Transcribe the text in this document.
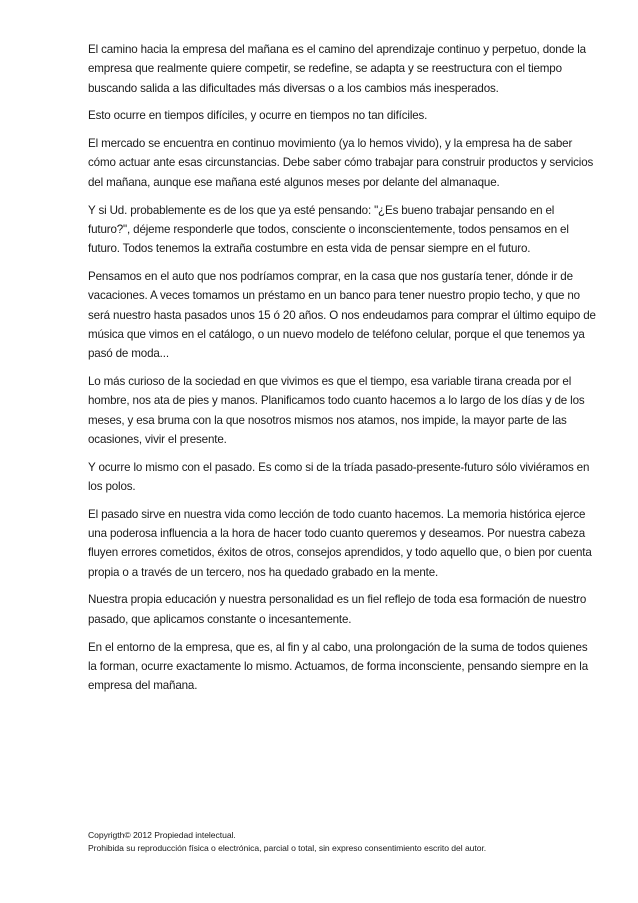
El camino hacia la empresa del mañana es el camino del aprendizaje continuo y perpetuo, donde la empresa que realmente quiere competir, se redefine, se adapta y se reestructura con el tiempo buscando salida a las dificultades más diversas o a los cambios más inesperados.

Esto ocurre en tiempos difíciles, y ocurre en tiempos no tan difíciles.

El mercado se encuentra en continuo movimiento (ya lo hemos vivido), y la empresa ha de saber cómo actuar ante esas circunstancias. Debe saber cómo trabajar para construir productos y servicios del mañana, aunque ese mañana esté algunos meses por delante del almanaque.

Y si Ud. probablemente es de los que ya esté pensando: "¿Es bueno trabajar pensando en el futuro?", déjeme responderle que todos, consciente o inconscientemente, todos pensamos en el futuro. Todos tenemos la extraña costumbre en esta vida de pensar siempre en el futuro.

Pensamos en el auto que nos podríamos comprar, en la casa que nos gustaría tener, dónde ir de vacaciones. A veces tomamos un préstamo en un banco para tener nuestro propio techo, y que no será nuestro hasta pasados unos 15 ó 20 años. O nos endeudamos para comprar el último equipo de música que vimos en el catálogo, o un nuevo modelo de teléfono celular, porque el que tenemos ya pasó de moda...

Lo más curioso de la sociedad en que vivimos es que el tiempo, esa variable tirana creada por el hombre, nos ata de pies y manos. Planificamos todo cuanto hacemos a lo largo de los días y de los meses, y esa bruma con la que nosotros mismos nos atamos, nos impide, la mayor parte de las ocasiones, vivir el presente.

Y ocurre lo mismo con el pasado. Es como si de la tríada pasado-presente-futuro sólo viviéramos en los polos.

El pasado sirve en nuestra vida como lección de todo cuanto hacemos. La memoria histórica ejerce una poderosa influencia a la hora de hacer todo cuanto queremos y deseamos. Por nuestra cabeza fluyen errores cometidos, éxitos de otros, consejos aprendidos, y todo aquello que, o bien por cuenta propia o a través de un tercero, nos ha quedado grabado en la mente.

Nuestra propia educación y nuestra personalidad es un fiel reflejo de toda esa formación de nuestro pasado, que aplicamos constante o incesantemente.

En el entorno de la empresa, que es, al fin y al cabo, una prolongación de la suma de todos quienes la forman, ocurre exactamente lo mismo. Actuamos, de forma inconsciente, pensando siempre en la empresa del mañana.

Copyrigth© 2012 Propiedad intelectual.

Prohibida su reproducción física o electrónica, parcial o total, sin expreso consentimiento escrito del autor.
